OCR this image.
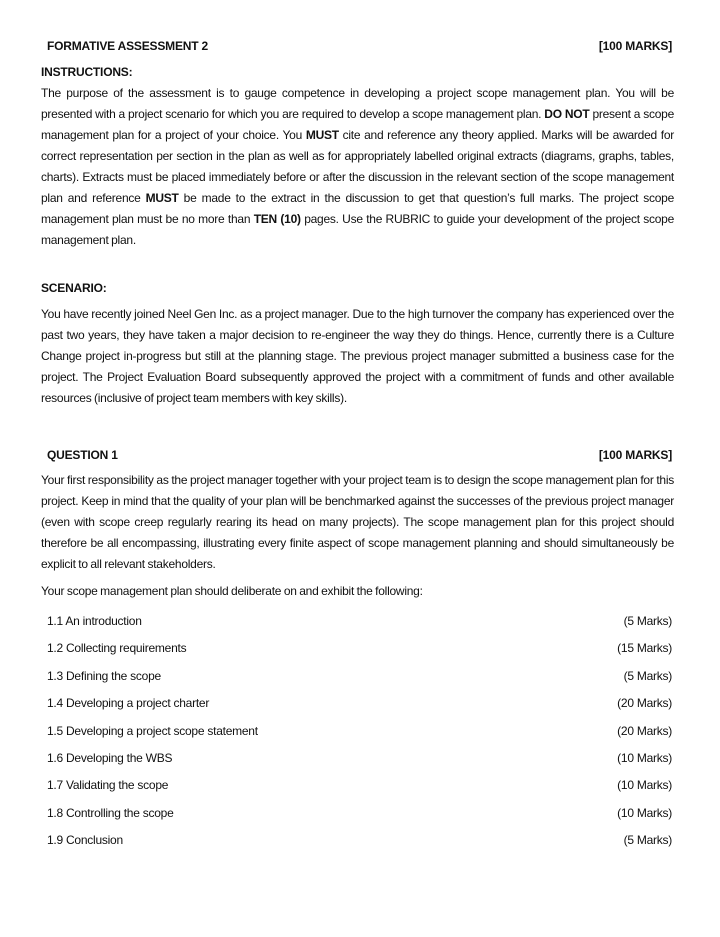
FORMATIVE ASSESSMENT 2	[100 MARKS]
INSTRUCTIONS:
The purpose of the assessment is to gauge competence in developing a project scope management plan. You will be presented with a project scenario for which you are required to develop a scope management plan. DO NOT present a scope management plan for a project of your choice. You MUST cite and reference any theory applied. Marks will be awarded for correct representation per section in the plan as well as for appropriately labelled original extracts (diagrams, graphs, tables, charts). Extracts must be placed immediately before or after the discussion in the relevant section of the scope management plan and reference MUST be made to the extract in the discussion to get that question’s full marks. The project scope management plan must be no more than TEN (10) pages. Use the RUBRIC to guide your development of the project scope management plan.
SCENARIO:
You have recently joined Neel Gen Inc. as a project manager. Due to the high turnover the company has experienced over the past two years, they have taken a major decision to re-engineer the way they do things. Hence, currently there is a Culture Change project in-progress but still at the planning stage. The previous project manager submitted a business case for the project. The Project Evaluation Board subsequently approved the project with a commitment of funds and other available resources (inclusive of project team members with key skills).
QUESTION 1	[100 MARKS]
Your first responsibility as the project manager together with your project team is to design the scope management plan for this project. Keep in mind that the quality of your plan will be benchmarked against the successes of the previous project manager (even with scope creep regularly rearing its head on many projects). The scope management plan for this project should therefore be all encompassing, illustrating every finite aspect of scope management planning and should simultaneously be explicit to all relevant stakeholders.
Your scope management plan should deliberate on and exhibit the following:
1.1 An introduction	(5 Marks)
1.2 Collecting requirements	(15 Marks)
1.3 Defining the scope	(5 Marks)
1.4 Developing a project charter	(20 Marks)
1.5 Developing a project scope statement	(20 Marks)
1.6 Developing the WBS	(10 Marks)
1.7 Validating the scope	(10 Marks)
1.8 Controlling the scope	(10 Marks)
1.9 Conclusion	(5 Marks)
